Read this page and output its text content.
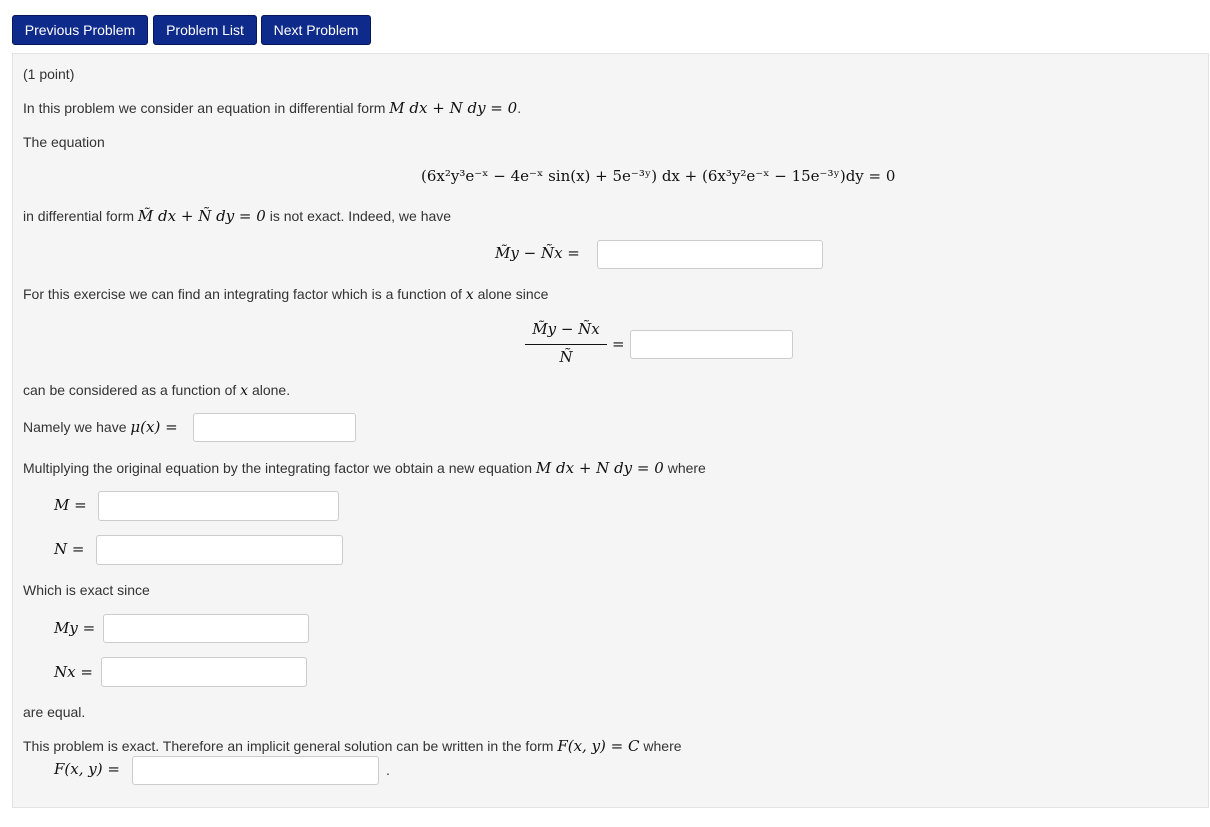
Previous Problem	Problem List	Next Problem
(1 point)
In this problem we consider an equation in differential form M dx + N dy = 0.
The equation
(6x²y³e⁻ˣ − 4e⁻ˣ sin(x) + 5e⁻³ʸ) dx + (6x³y²e⁻ˣ − 15e⁻³ʸ)dy = 0
in differential form M̃ dx + Ñ dy = 0 is not exact. Indeed, we have
M̃y − Ñx =
For this exercise we can find an integrating factor which is a function of x alone since
M̃y − Ñx
Ñ
=
can be considered as a function of x alone.
Namely we have μ(x) =
Multiplying the original equation by the integrating factor we obtain a new equation M dx + N dy = 0 where
M =
N =
Which is exact since
My =
Nx =
are equal.
This problem is exact. Therefore an implicit general solution can be written in the form F(x, y) = C where
F(x, y) =	.
